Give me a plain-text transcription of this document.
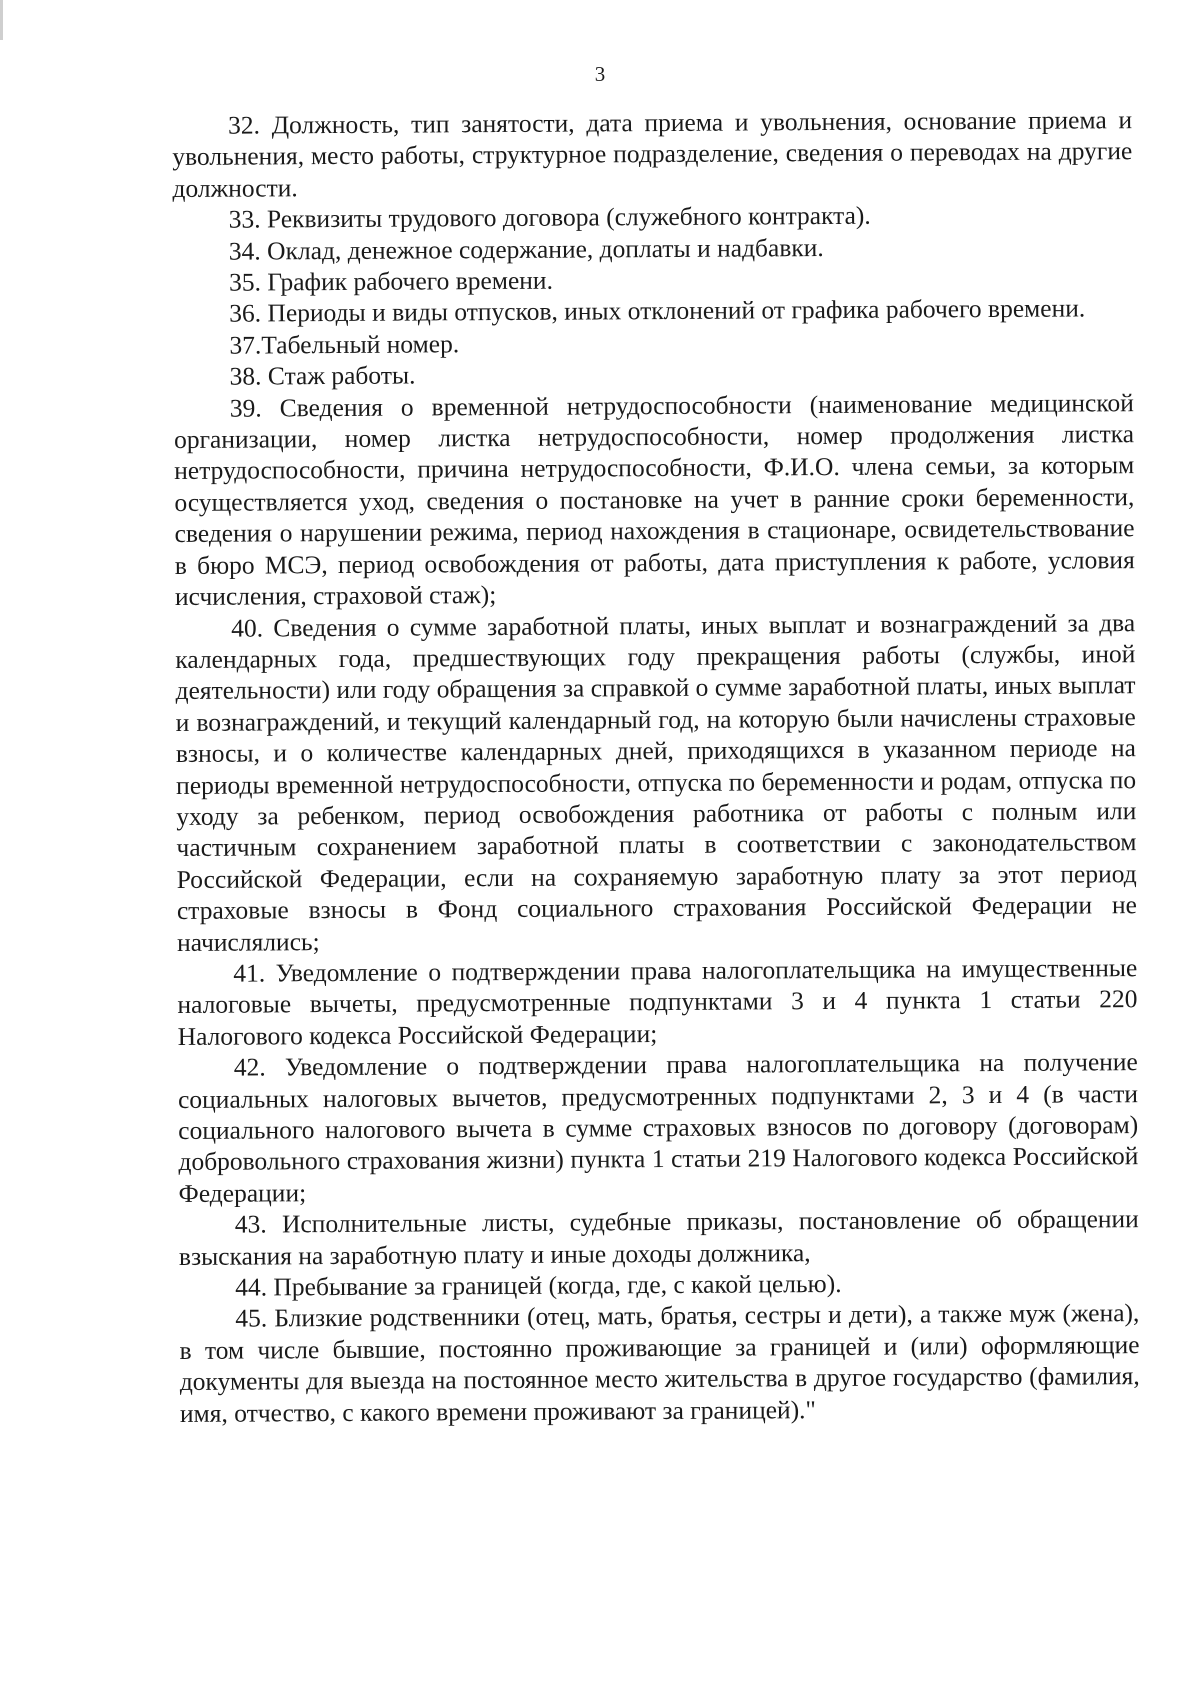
3

32. Должность, тип занятости, дата приема и увольнения, основание приема и увольнения, место работы, структурное подразделение, сведения о переводах на другие должности.

33. Реквизиты трудового договора (служебного контракта).

34. Оклад, денежное содержание, доплаты и надбавки.

35. График рабочего времени.

36. Периоды и виды отпусков, иных отклонений от графика рабочего времени.

37.Табельный номер.

38. Стаж работы.

39. Сведения о временной нетрудоспособности (наименование медицинской организации, номер листка нетрудоспособности, номер продолжения листка нетрудоспособности, причина нетрудоспособности, Ф.И.О. члена семьи, за которым осуществляется уход, сведения о постановке на учет в ранние сроки беременности, сведения о нарушении режима, период нахождения в стационаре, освидетельствование в бюро МСЭ, период освобождения от работы, дата приступления к работе, условия исчисления, страховой стаж);

40. Сведения о сумме заработной платы, иных выплат и вознаграждений за два календарных года, предшествующих году прекращения работы (службы, иной деятельности) или году обращения за справкой о сумме заработной платы, иных выплат и вознаграждений, и текущий календарный год, на которую были начислены страховые взносы, и о количестве календарных дней, приходящихся в указанном периоде на периоды временной нетрудоспособности, отпуска по беременности и родам, отпуска по уходу за ребенком, период освобождения работника от работы с полным или частичным сохранением заработной платы в соответствии с законодательством Российской Федерации, если на сохраняемую заработную плату за этот период страховые взносы в Фонд социального страхования Российской Федерации не начислялись;

41. Уведомление о подтверждении права налогоплательщика на имущественные налоговые вычеты, предусмотренные подпунктами 3 и 4 пункта 1 статьи 220 Налогового кодекса Российской Федерации;

42. Уведомление о подтверждении права налогоплательщика на получение социальных налоговых вычетов, предусмотренных подпунктами 2, 3 и 4 (в части социального налогового вычета в сумме страховых взносов по договору (договорам) добровольного страхования жизни) пункта 1 статьи 219 Налогового кодекса Российской Федерации;

43. Исполнительные листы, судебные приказы, постановление об обращении взыскания на заработную плату и иные доходы должника,

44. Пребывание за границей (когда, где, с какой целью).

45. Близкие родственники (отец, мать, братья, сестры и дети), а также муж (жена), в том числе бывшие, постоянно проживающие за границей и (или) оформляющие документы для выезда на постоянное место жительства в другое государство (фамилия, имя, отчество, с какого времени проживают за границей)."
